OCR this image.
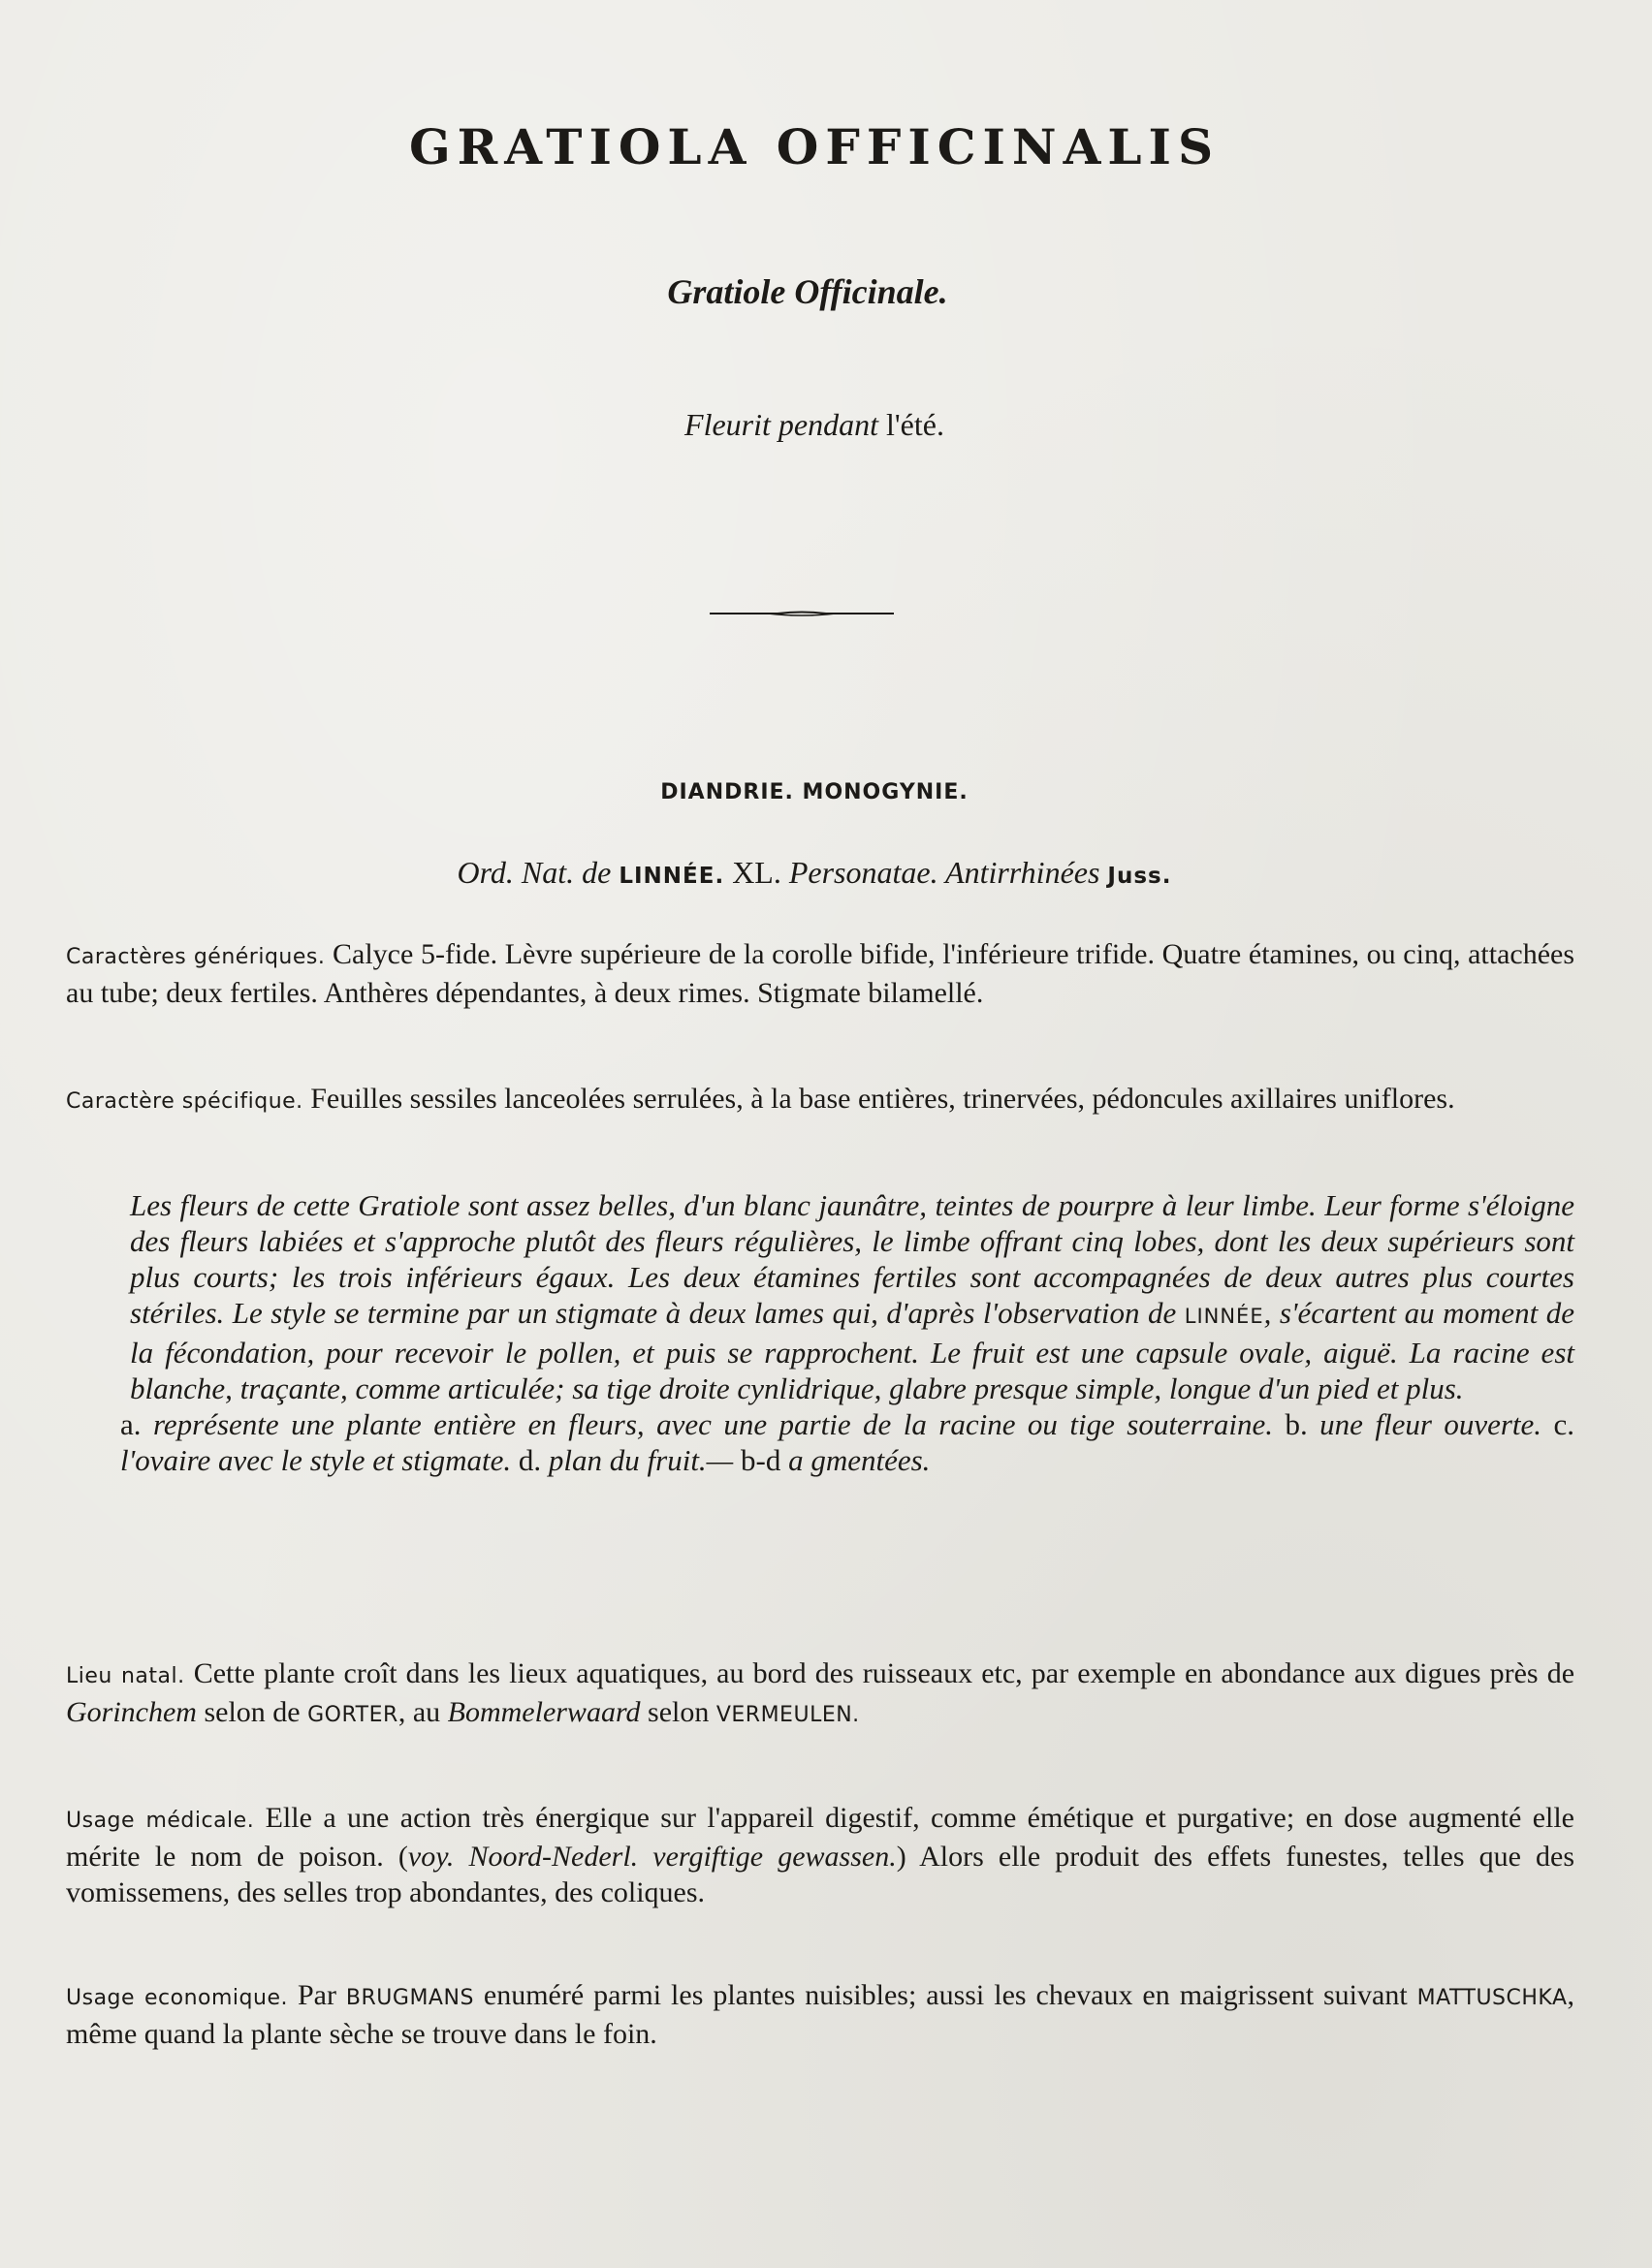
GRATIOLA OFFICINALIS
Gratiole Officinale.
Fleurit pendant l'été.
DIANDRIE. MONOGYNIE.
Ord. Nat. de LINNÉE. XL. Personatae. Antirrhinées Juss.
Caractères génériques. Calyce 5-fide. Lèvre supérieure de la corolle bifide, l'inférieure trifide. Quatre étamines, ou cinq, attachées au tube; deux fertiles. Anthères dépendantes, à deux rimes. Stigmate bilamellé.
Caractère spécifique. Feuilles sessiles lanceolées serrulées, à la base entières, trinervées, pédoncules axillaires uniflores.

Les fleurs de cette Gratiole sont assez belles, d'un blanc jaunâtre, teintes de pourpre à leur limbe. Leur forme s'éloigne des fleurs labiées et s'approche plutôt des fleurs régulières, le limbe offrant cinq lobes, dont les deux supérieurs sont plus courts; les trois inférieurs égaux. Les deux étamines fertiles sont accompagnées de deux autres plus courtes stériles. Le style se termine par un stigmate à deux lames qui, d'après l'observation de LINNÉE, s'écartent au moment de la fécondation, pour recevoir le pollen, et puis se rapprochent. Le fruit est une capsule ovale, aiguë. La racine est blanche, traçante, comme articulée; sa tige droite cynlidrique, glabre presque simple, longue d'un pied et plus.

a. représente une plante entière en fleurs, avec une partie de la racine ou tige souterraine. b. une fleur ouverte. c. l'ovaire avec le style et stigmate. d. plan du fruit.— b-d a gmentées.

Lieu natal. Cette plante croît dans les lieux aquatiques, au bord des ruisseaux etc, par exemple en abondance aux digues près de Gorinchem selon de GORTER, au Bommelerwaard selon VERMEULEN.
Usage médicale. Elle a une action très énergique sur l'appareil digestif, comme émétique et purgative; en dose augmenté elle mérite le nom de poison. (voy. Noord-Nederl. vergiftige gewassen.) Alors elle produit des effets funestes, telles que des vomissemens, des selles trop abondantes, des coliques.
Usage economique. Par BRUGMANS enuméré parmi les plantes nuisibles; aussi les chevaux en maigrissent suivant MATTUSCHKA, même quand la plante sèche se trouve dans le foin.
